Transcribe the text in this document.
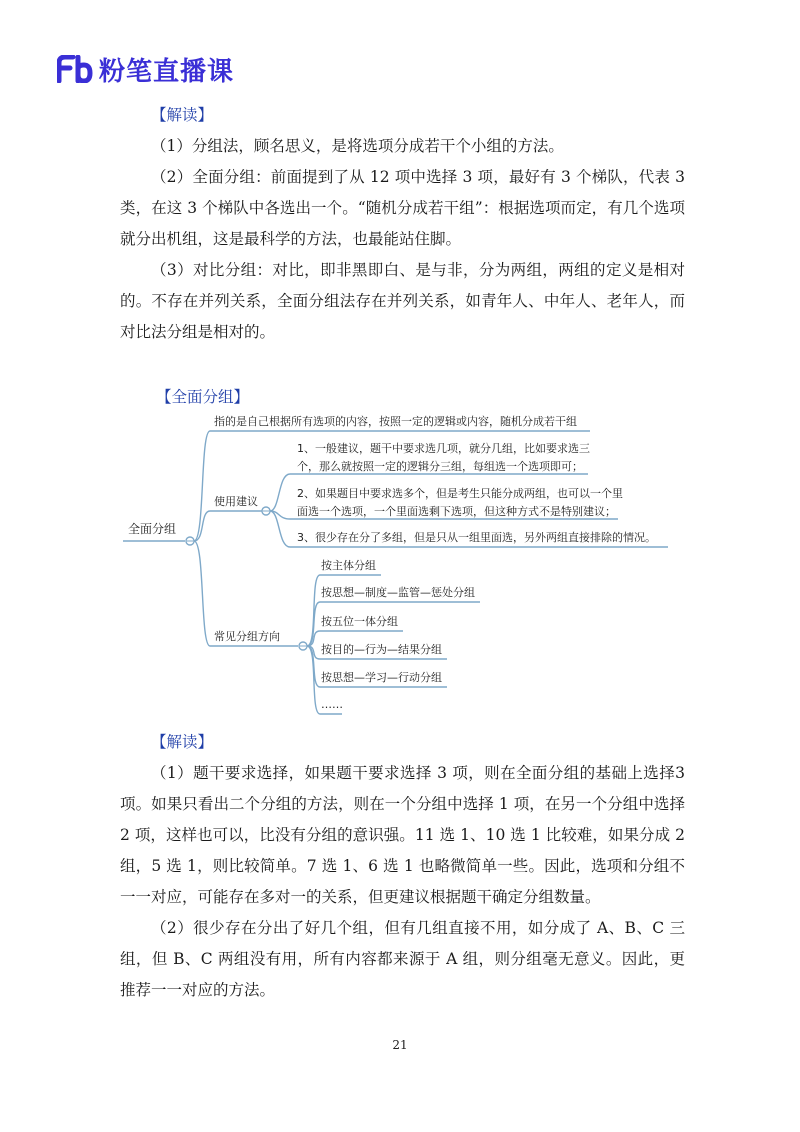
粉笔直播课

【解读】

（1）分组法，顾名思义，是将选项分成若干个小组的方法。

（2）全面分组：前面提到了从 12 项中选择 3 项，最好有 3 个梯队，代表 3类，在这 3 个梯队中各选出一个。“随机分成若干组”：根据选项而定，有几个选项就分出机组，这是最科学的方法，也最能站住脚。

（3）对比分组：对比，即非黑即白、是与非，分为两组，两组的定义是相对的。不存在并列关系，全面分组法存在并列关系，如青年人、中年人、老年人，而对比法分组是相对的。

【全面分组】

全面分组
指的是自己根据所有选项的内容，按照一定的逻辑或内容，随机分成若干组
使用建议
1、一般建议，题干中要求选几项，就分几组，比如要求选三
个，那么就按照一定的逻辑分三组，每组选一个选项即可；
2、如果题目中要求选多个，但是考生只能分成两组，也可以一个里
面选一个选项，一个里面选剩下选项，但这种方式不是特别建议；
3、很少存在分了多组，但是只从一组里面选，另外两组直接排除的情况。
常见分组方向
按主体分组
按思想—制度—监管—惩处分组
按五位一体分组
按目的—行为—结果分组
按思想—学习—行动分组
……

【解读】

（1）题干要求选择，如果题干要求选择 3 项，则在全面分组的基础上选择3 项。如果只看出二个分组的方法，则在一个分组中选择 1 项，在另一个分组中选择 2 项，这样也可以，比没有分组的意识强。11 选 1、10 选 1 比较难，如果分成 2 组，5 选 1，则比较简单。7 选 1、6 选 1 也略微简单一些。因此，选项和分组不一一对应，可能存在多对一的关系，但更建议根据题干确定分组数量。

（2）很少存在分出了好几个组，但有几组直接不用，如分成了 A、B、C 三组，但 B、C 两组没有用，所有内容都来源于 A 组，则分组毫无意义。因此，更推荐一一对应的方法。

21
